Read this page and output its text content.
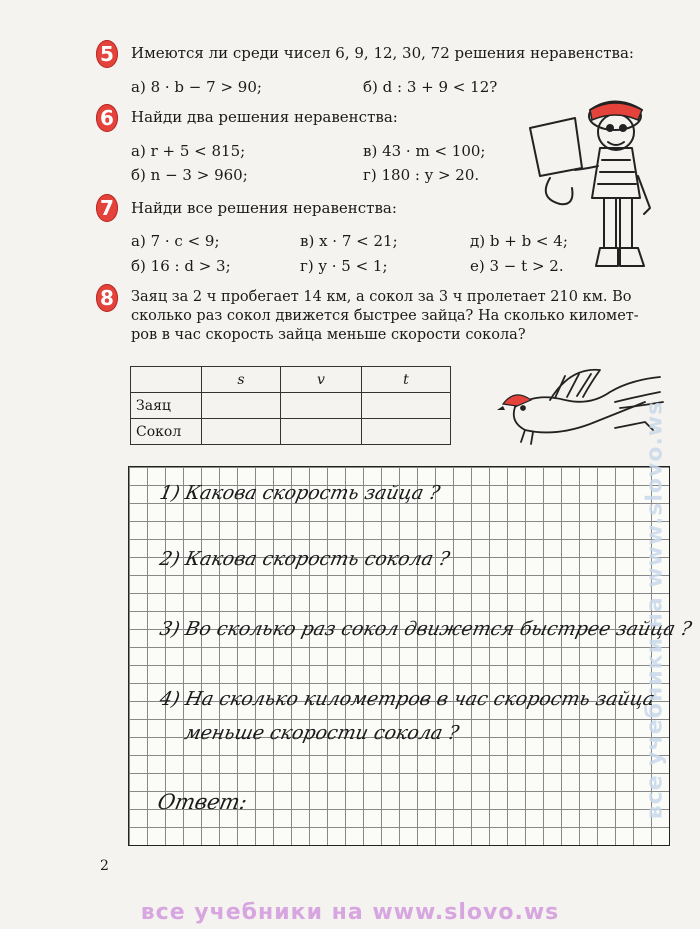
5 Имеются ли среди чисел 6, 9, 12, 30, 72 решения неравенства:
а) 8 · b − 7 > 90;	б) d : 3 + 9 < 12?
6 Найди два решения неравенства:
а) r + 5 < 815;
б) n − 3 > 960;
в) 43 · m < 100;
г) 180 : y > 20.
7 Найди все решения неравенства:
а) 7 · c < 9;
б) 16 : d > 3;
в) x · 7 < 21;
г) y · 5 < 1;
д) b + b < 4;
е) 3 − t > 2.
8 Заяц за 2 ч пробегает 14 км, а сокол за 3 ч пролетает 210 км. Во
сколько раз сокол движется быстрее зайца? На сколько километ-
ров в час скорость зайца меньше скорости сокола?
	s	v	t
Заяц			
Сокол			
1) Какова скорость зайца ?
2) Какова скорость сокола ?
3) Во сколько раз сокол движется быстрее зайца ?
4) На сколько километров в час скорость зайца
меньше скорости сокола ?
Ответ:
2
все учебники на www.slovo.ws
все учебники на www.slovo.ws
